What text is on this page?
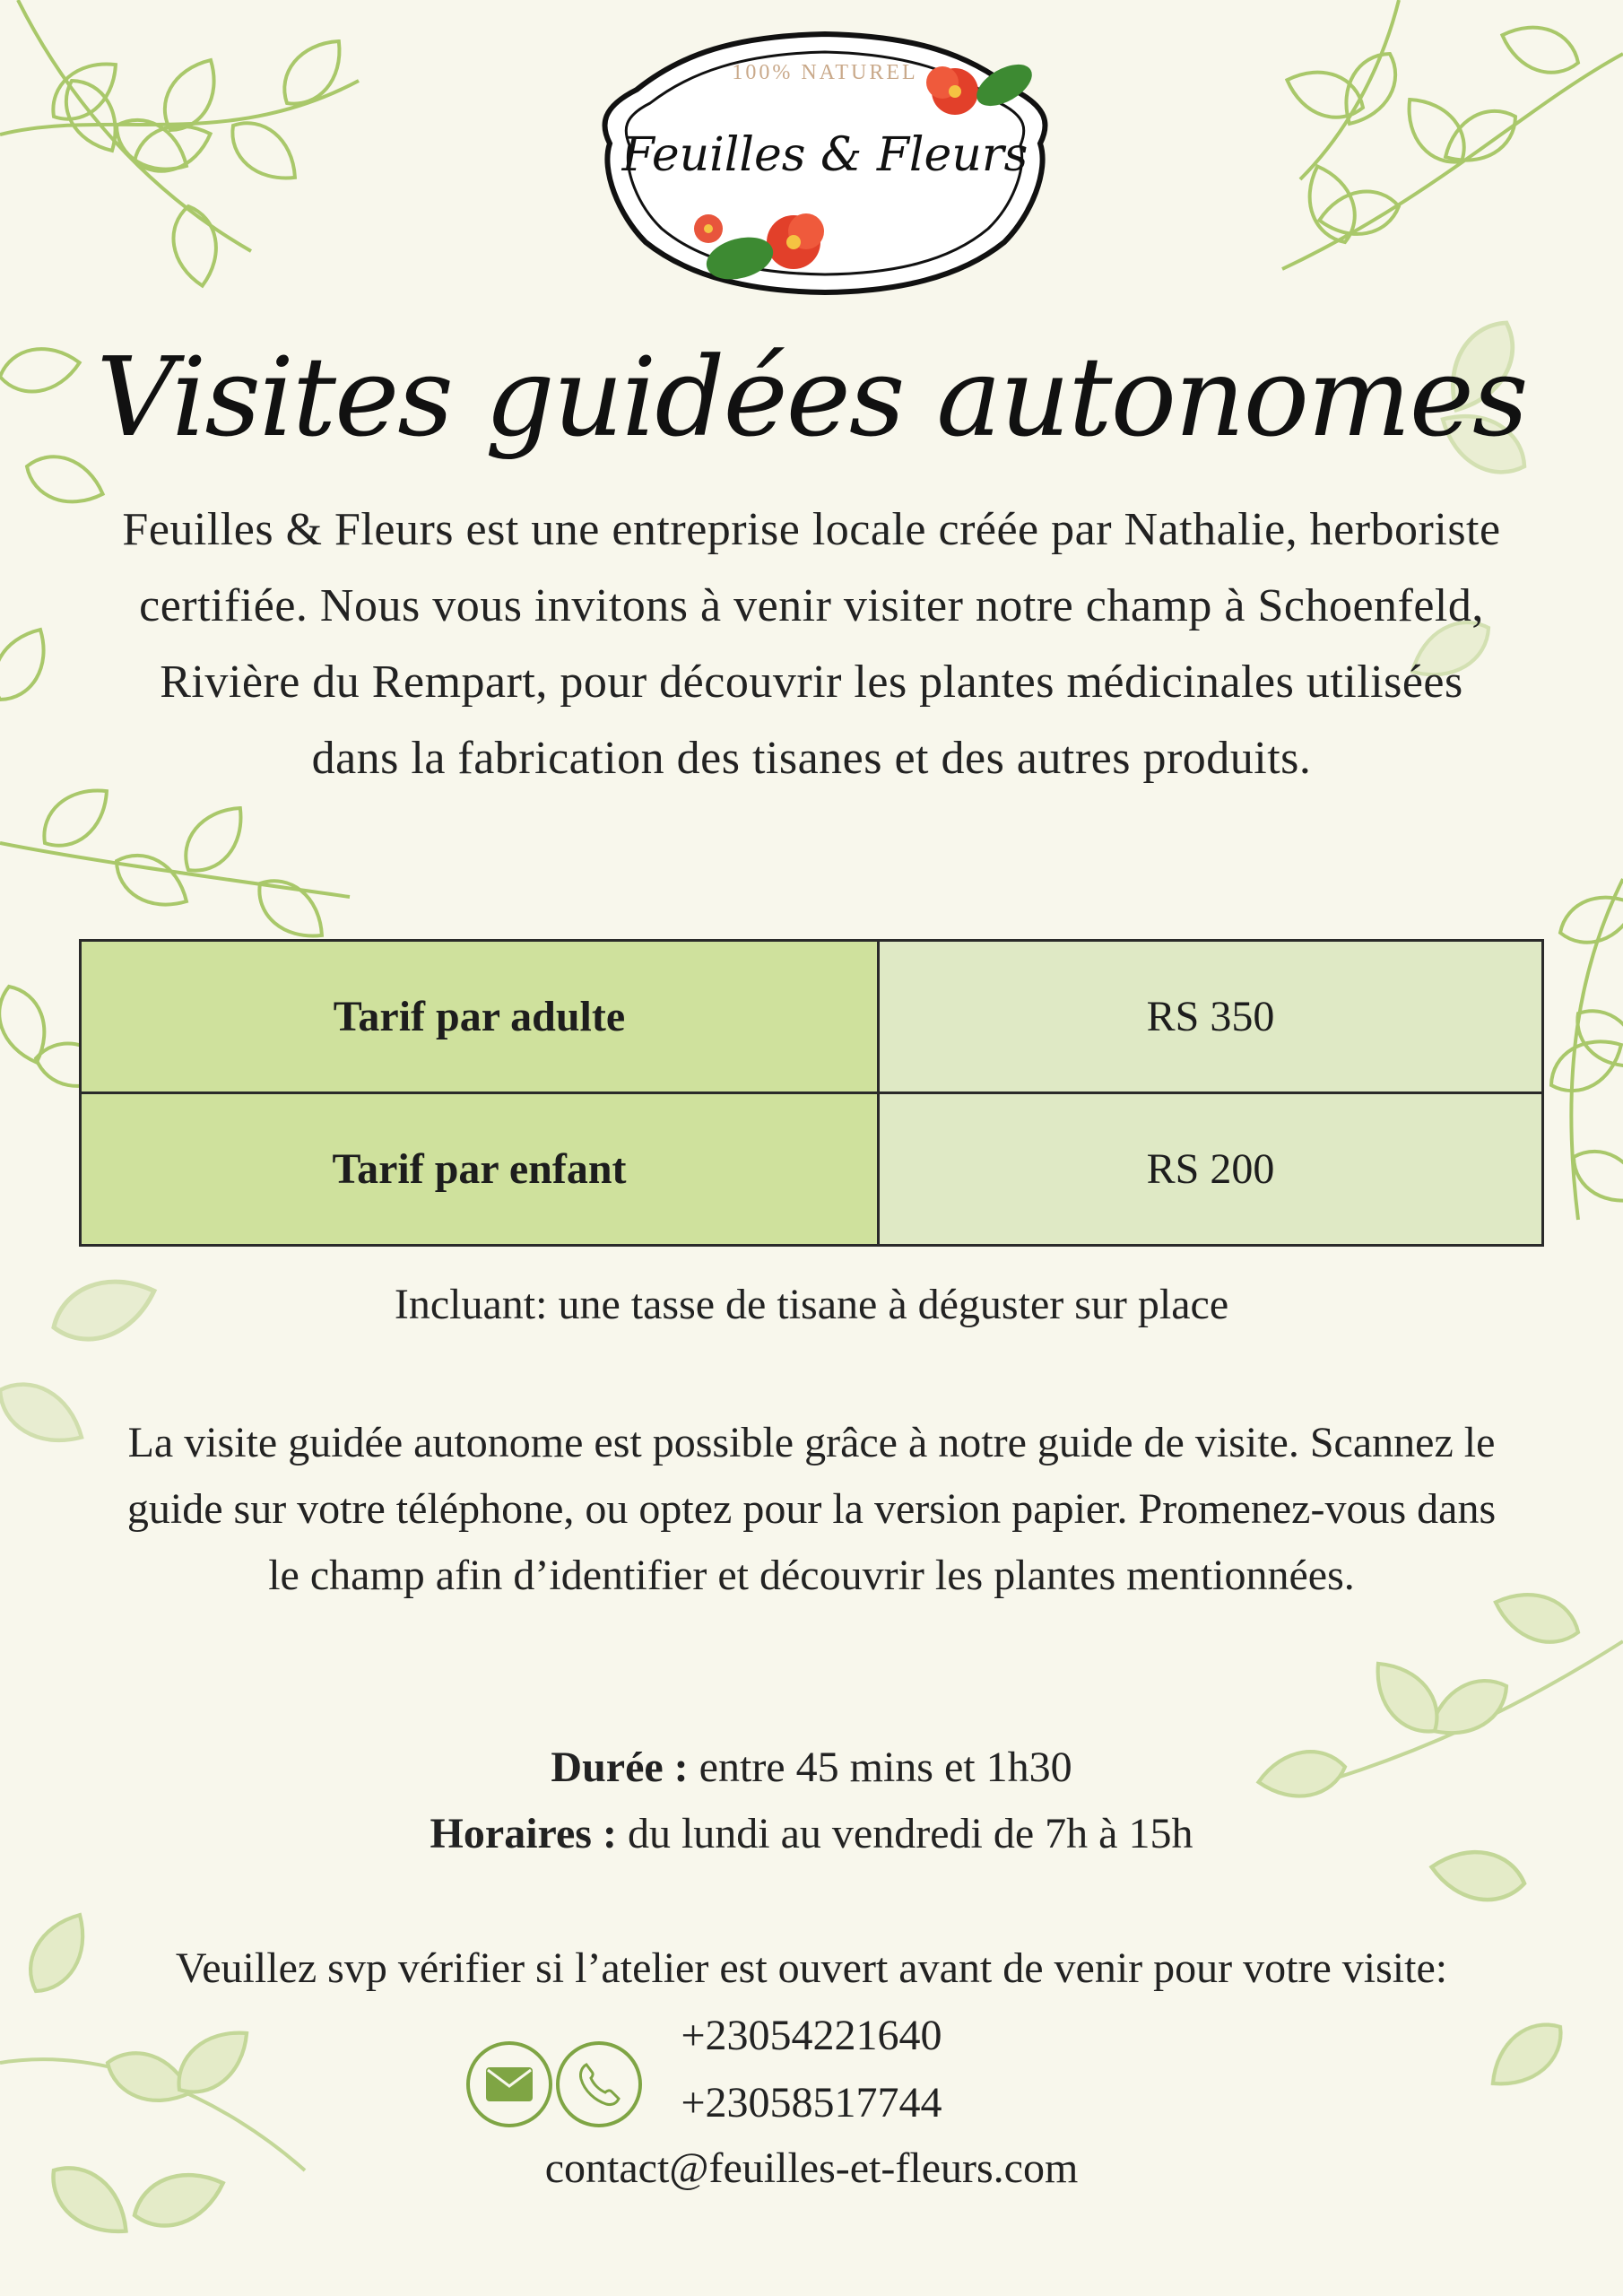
100% NATUREL
Feuilles & Fleurs
Visites guidées autonomes
Feuilles & Fleurs est une entreprise locale créée par Nathalie, herboriste certifiée. Nous vous invitons à venir visiter notre champ à Schoenfeld, Rivière du Rempart, pour découvrir les plantes médicinales utilisées dans la fabrication des tisanes et des autres produits.
Tarif par adulte	RS 350
Tarif par enfant	RS 200
Incluant: une tasse de tisane à déguster sur place
La visite guidée autonome est possible grâce à notre guide de visite. Scannez le guide sur votre téléphone, ou optez pour la version papier. Promenez-vous dans le champ afin d’identifier et découvrir les plantes mentionnées.
Durée : entre 45 mins et 1h30
Horaires : du lundi au vendredi de 7h à 15h
Veuillez svp vérifier si l’atelier est ouvert avant de venir pour votre visite:
+23054221640
+23058517744
contact@feuilles-et-fleurs.com
